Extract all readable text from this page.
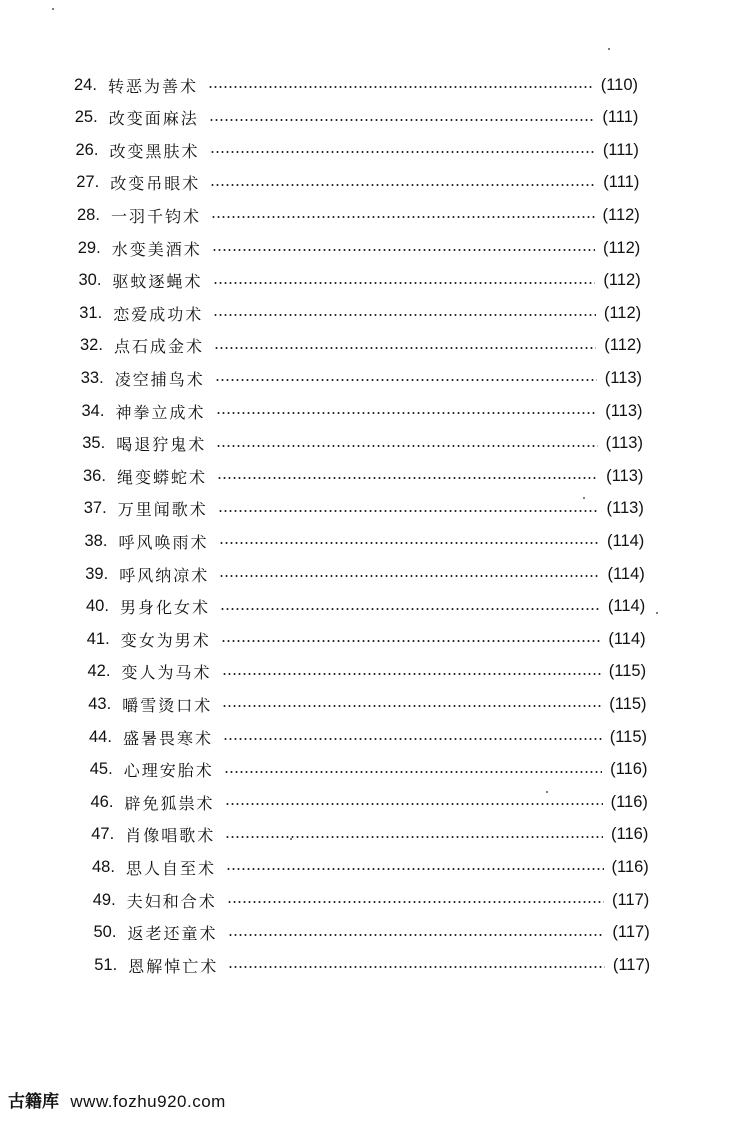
24. 转恶为善术	(110)
25. 改变面麻法	(111)
26. 改变黑肤术	(111)
27. 改变吊眼术	(111)
28. 一羽千钧术	(112)
29. 水变美酒术	(112)
30. 驱蚊逐蝇术	(112)
31. 恋爱成功术	(112)
32. 点石成金术	(112)
33. 凌空捕鸟术	(113)
34. 神拳立成术	(113)
35. 喝退狞鬼术	(113)
36. 绳变蟒蛇术	(113)
37. 万里闻歌术	(113)
38. 呼风唤雨术	(114)
39. 呼风纳凉术	(114)
40. 男身化女术	(114)
41. 变女为男术	(114)
42. 变人为马术	(115)
43. 嚼雪烫口术	(115)
44. 盛暑畏寒术	(115)
45. 心理安胎术	(116)
46. 辟免狐祟术	(116)
47. 肖像唱歌术	(116)
48. 思人自至术	(116)
49. 夫妇和合术	(117)
50. 返老还童术	(117)
51. 恩解悼亡术	(117)
古籍库 www.fozhu920.com
